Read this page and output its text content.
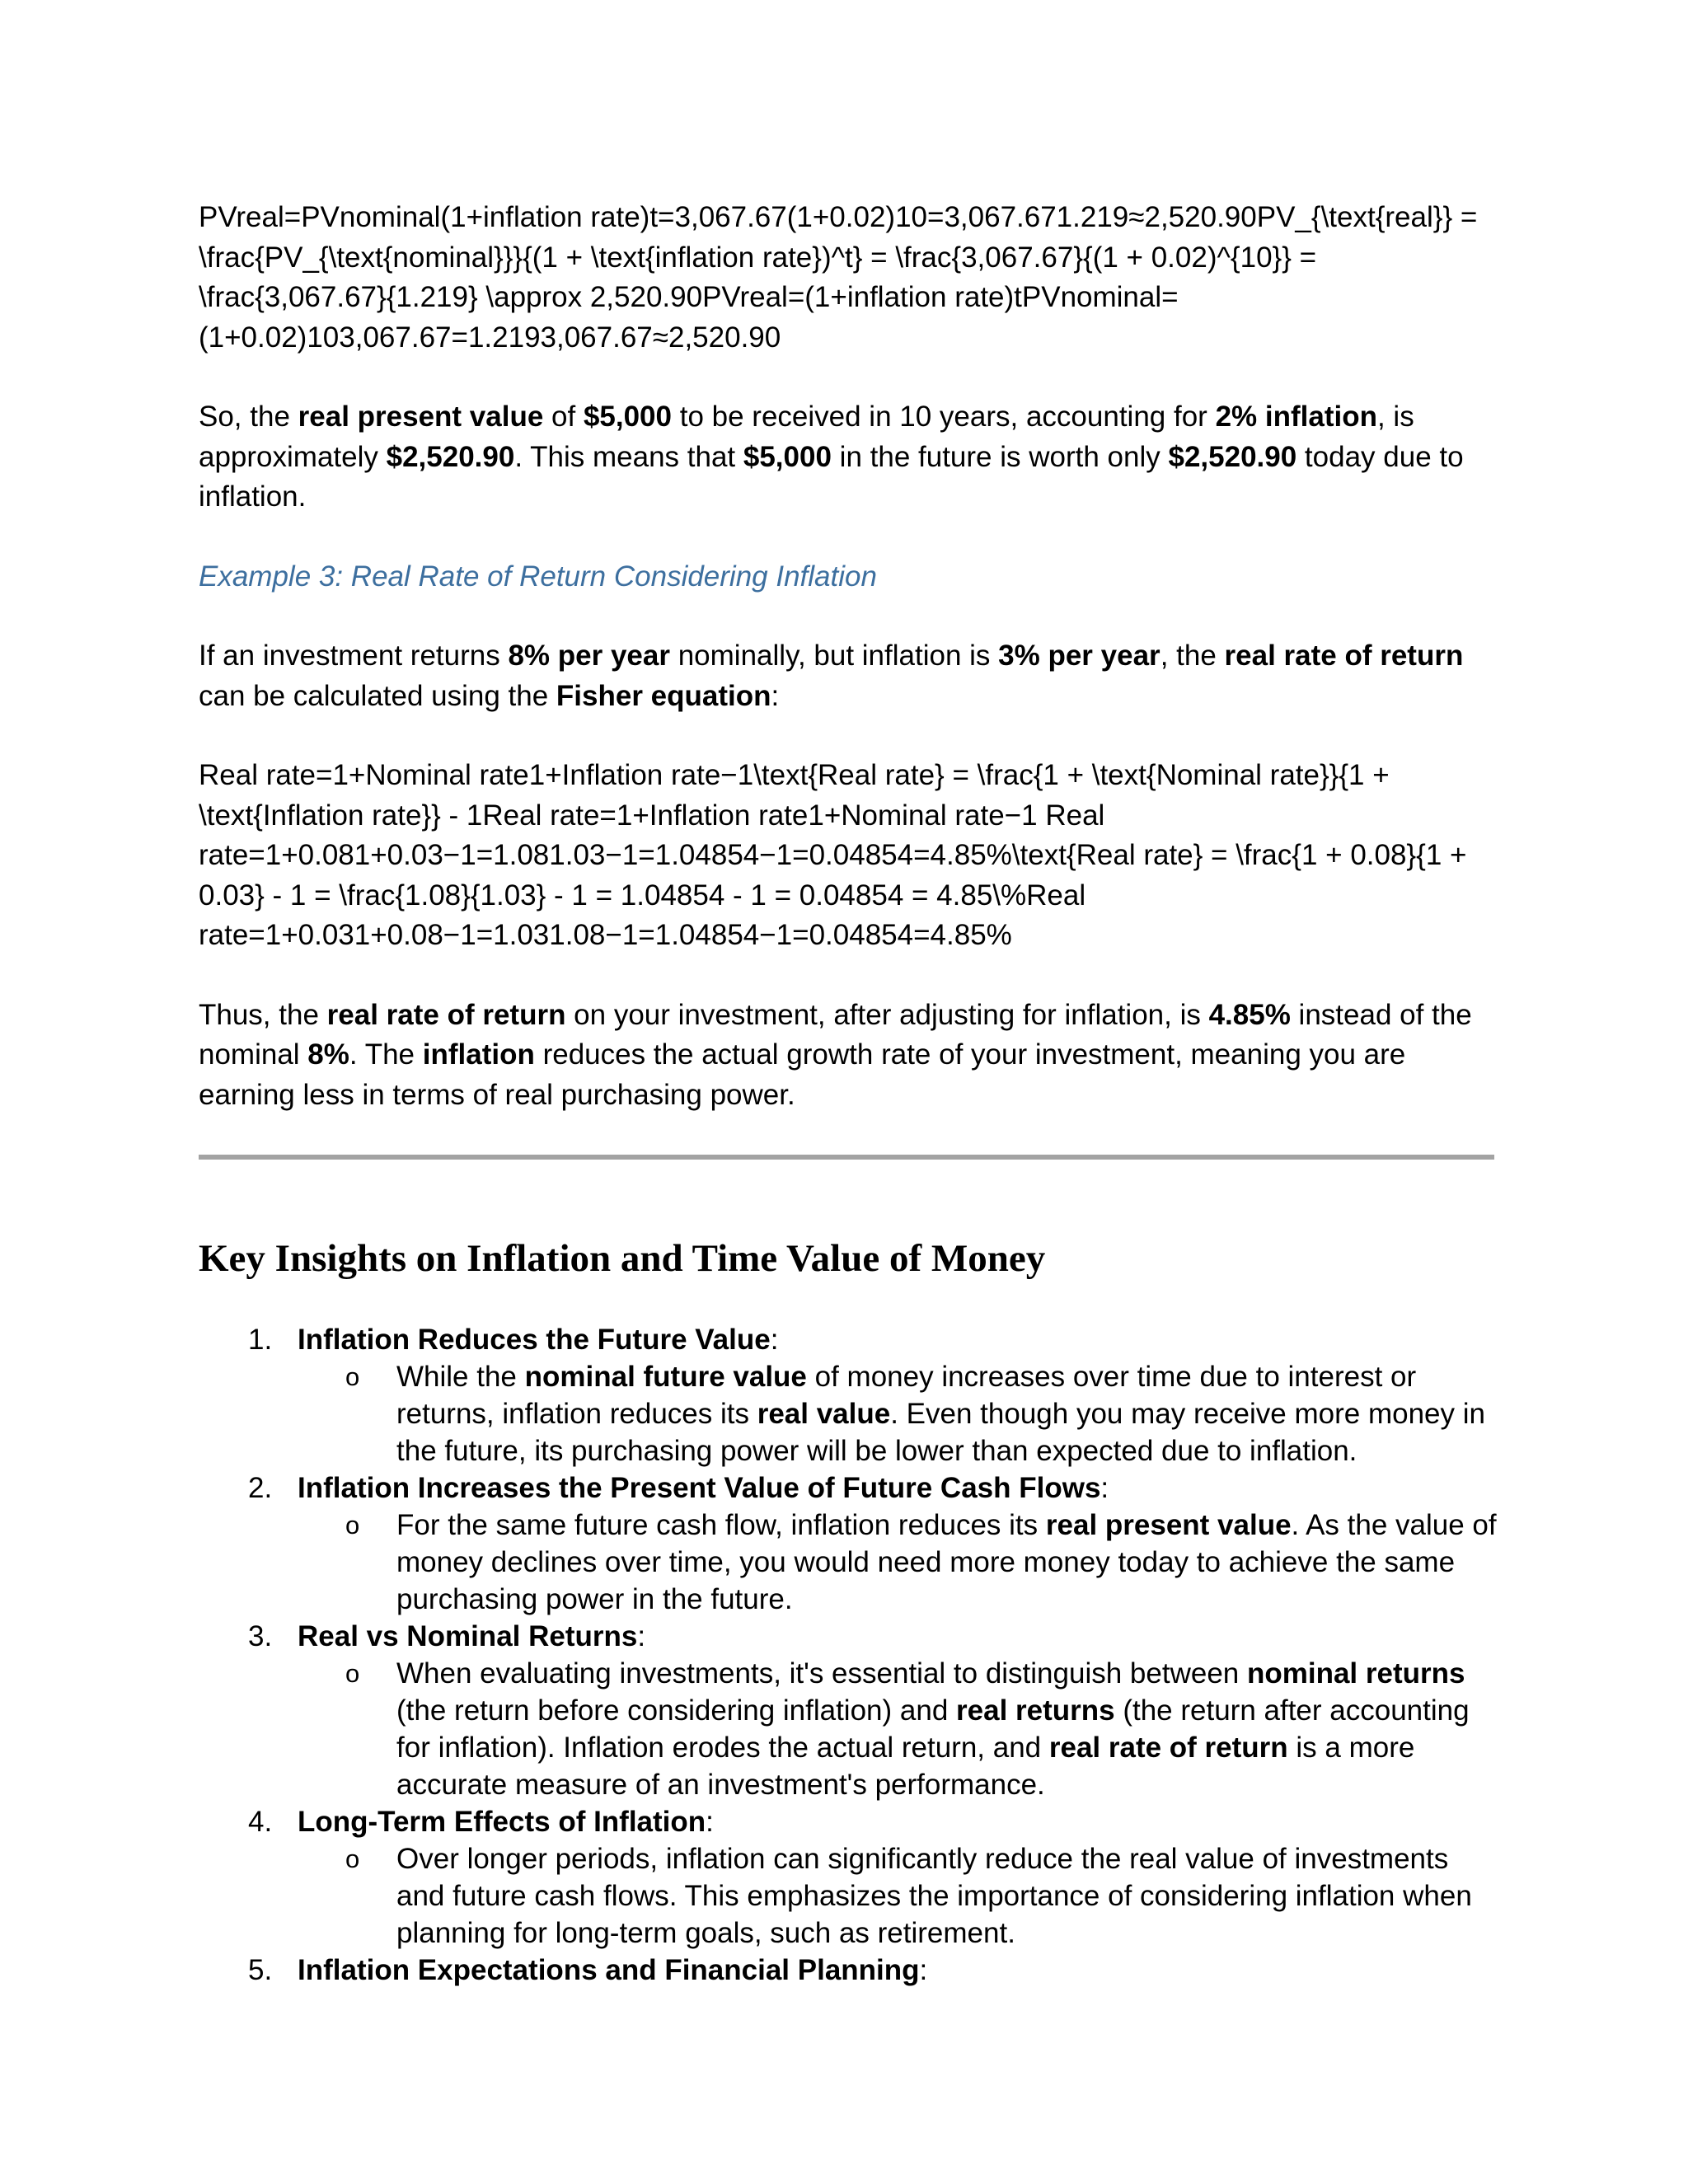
PVreal=PVnominal(1+inflation rate)t=3,067.67(1+0.02)10=3,067.671.219≈2,520.90PV_{\text{real}} = \frac{PV_{\text{nominal}}}{(1 + \text{inflation rate})^t} = \frac{3,067.67}{(1 + 0.02)^{10}} = \frac{3,067.67}{1.219} \approx 2,520.90PVreal=(1+inflation rate)tPVnominal=(1+0.02)103,067.67=1.2193,067.67≈2,520.90

So, the real present value of $5,000 to be received in 10 years, accounting for 2% inflation, is approximately $2,520.90. This means that $5,000 in the future is worth only $2,520.90 today due to inflation.

Example 3: Real Rate of Return Considering Inflation

If an investment returns 8% per year nominally, but inflation is 3% per year, the real rate of return can be calculated using the Fisher equation:

Real rate=1+Nominal rate1+Inflation rate−1\text{Real rate} = \frac{1 + \text{Nominal rate}}{1 + \text{Inflation rate}} - 1Real rate=1+Inflation rate1+Nominal rate−1 Real rate=1+0.081+0.03−1=1.081.03−1=1.04854−1=0.04854=4.85%\text{Real rate} = \frac{1 + 0.08}{1 + 0.03} - 1 = \frac{1.08}{1.03} - 1 = 1.04854 - 1 = 0.04854 = 4.85\%Real rate=1+0.031+0.08−1=1.031.08−1=1.04854−1=0.04854=4.85%

Thus, the real rate of return on your investment, after adjusting for inflation, is 4.85% instead of the nominal 8%. The inflation reduces the actual growth rate of your investment, meaning you are earning less in terms of real purchasing power.

Key Insights on Inflation and Time Value of Money
1. Inflation Reduces the Future Value:
o While the nominal future value of money increases over time due to interest or returns, inflation reduces its real value. Even though you may receive more money in the future, its purchasing power will be lower than expected due to inflation.
2. Inflation Increases the Present Value of Future Cash Flows:
o For the same future cash flow, inflation reduces its real present value. As the value of money declines over time, you would need more money today to achieve the same purchasing power in the future.
3. Real vs Nominal Returns:
o When evaluating investments, it's essential to distinguish between nominal returns (the return before considering inflation) and real returns (the return after accounting for inflation). Inflation erodes the actual return, and real rate of return is a more accurate measure of an investment's performance.
4. Long-Term Effects of Inflation:
o Over longer periods, inflation can significantly reduce the real value of investments and future cash flows. This emphasizes the importance of considering inflation when planning for long-term goals, such as retirement.
5. Inflation Expectations and Financial Planning:
